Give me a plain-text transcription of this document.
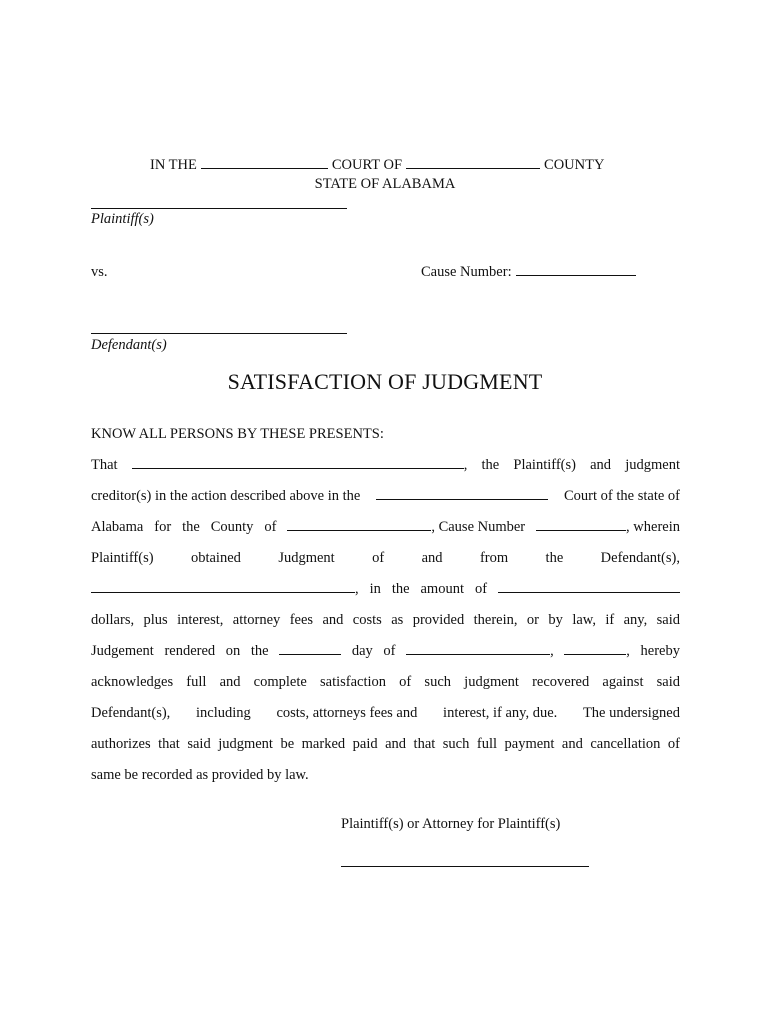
IN THE	COURT OF	COUNTY
STATE OF ALABAMA
Plaintiff(s)
vs.	Cause Number:
Defendant(s)
SATISFACTION OF JUDGMENT
KNOW ALL PERSONS BY THESE PRESENTS:
That	, the Plaintiff(s) and judgment
creditor(s) in the action described above in the	Court of the state of
Alabama for the County of	, Cause Number	, wherein
Plaintiff(s)	obtained	Judgment	of	and	from	the	Defendant(s),
, in the amount of
dollars, plus interest, attorney fees and costs as provided therein, or by law, if any, said
Judgement rendered on the	day of	,	, hereby
acknowledges full and complete satisfaction of such judgment recovered against said
Defendant(s), including costs, attorneys fees and interest, if any, due. The undersigned
authorizes that said judgment be marked paid and that such full payment and cancellation of
same be recorded as provided by law.
Plaintiff(s) or Attorney for Plaintiff(s)
